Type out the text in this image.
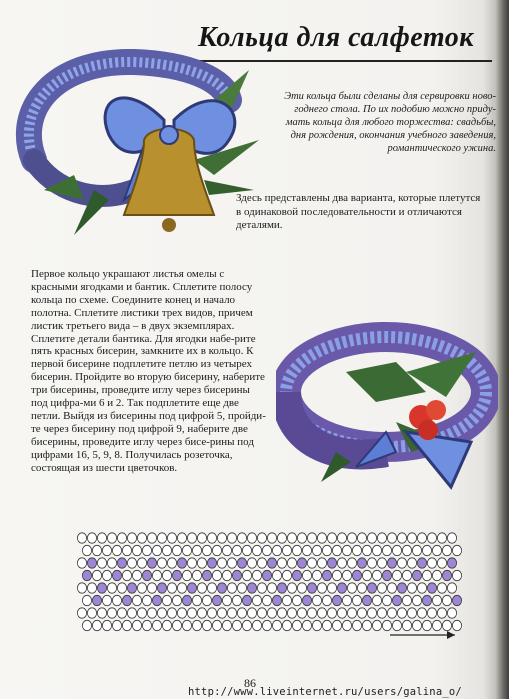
Кольца для салфеток
Эти кольца были сделаны для сервировки ново-годнего стола. По их подобию можно приду-мать кольца для любого торжества: свадьбы, дня рождения, окончания учебного заведения, романтического ужина.
Здесь представлены два варианта, которые плетутся в одинаковой последовательности и отличаются деталями.

Первое кольцо украшают листья омелы с красными ягодками и бантик. Сплетите полосу кольца по схеме. Соедините конец и начало полотна. Сплетите листики трех видов, причем листик третьего вида – в двух экземплярах.

Сплетите детали бантика. Для ягодки набе-рите пять красных бисерин, замкните их в кольцо. К первой бисерине подплетите петлю из четырех бисерин. Пройдите во вторую бисерину, наберите три бисерины, проведите иглу через бисерины под цифра-ми 6 и 2. Так подплетите еще две петли. Выйдя из бисерины под цифрой 5, пройди-те через бисерину под цифрой 9, наберите две бисерины, проведите иглу через бисе-рины под цифрами 16, 5, 9, 8. Получилась розеточка, состоящая из шести цветочков.

86
http://www.liveinternet.ru/users/galina_o/
